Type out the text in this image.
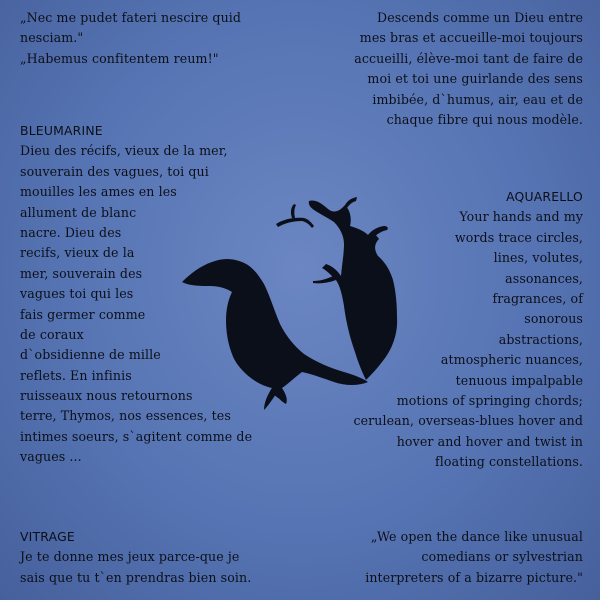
„Nec me pudet fateri nescire quid
nesciam."
„Habemus confitentem reum!"
Descends comme un Dieu entre
mes bras et accueille-moi toujours
accueilli, élève-moi tant de faire de
moi et toi une guirlande des sens
imbibée, d`humus, air, eau et de
chaque fibre qui nous modèle.
BLEUMARINE
Dieu des récifs, vieux de la mer,
souverain des vagues, toi qui
mouilles les ames en les
allument de blanc
nacre. Dieu des
recifs, vieux de la
mer, souverain des
vagues toi qui les
fais germer comme
de coraux
d`obsidienne de mille
reflets. En infinis
ruisseaux nous retournons
terre, Thymos, nos essences, tes
intimes soeurs, s`agitent comme de
vagues ...
AQUARELLO
Your hands and my
words trace circles,
lines, volutes,
assonances,
fragrances, of
sonorous
abstractions,
atmospheric nuances,
tenuous impalpable
motions of springing chords;
cerulean, overseas-blues hover and
hover and hover and twist in
floating constellations.
VITRAGE
Je te donne mes jeux parce-que je
sais que tu t`en prendras bien soin.
„We open the dance like unusual
comedians or sylvestrian
interpreters of a bizarre picture."
